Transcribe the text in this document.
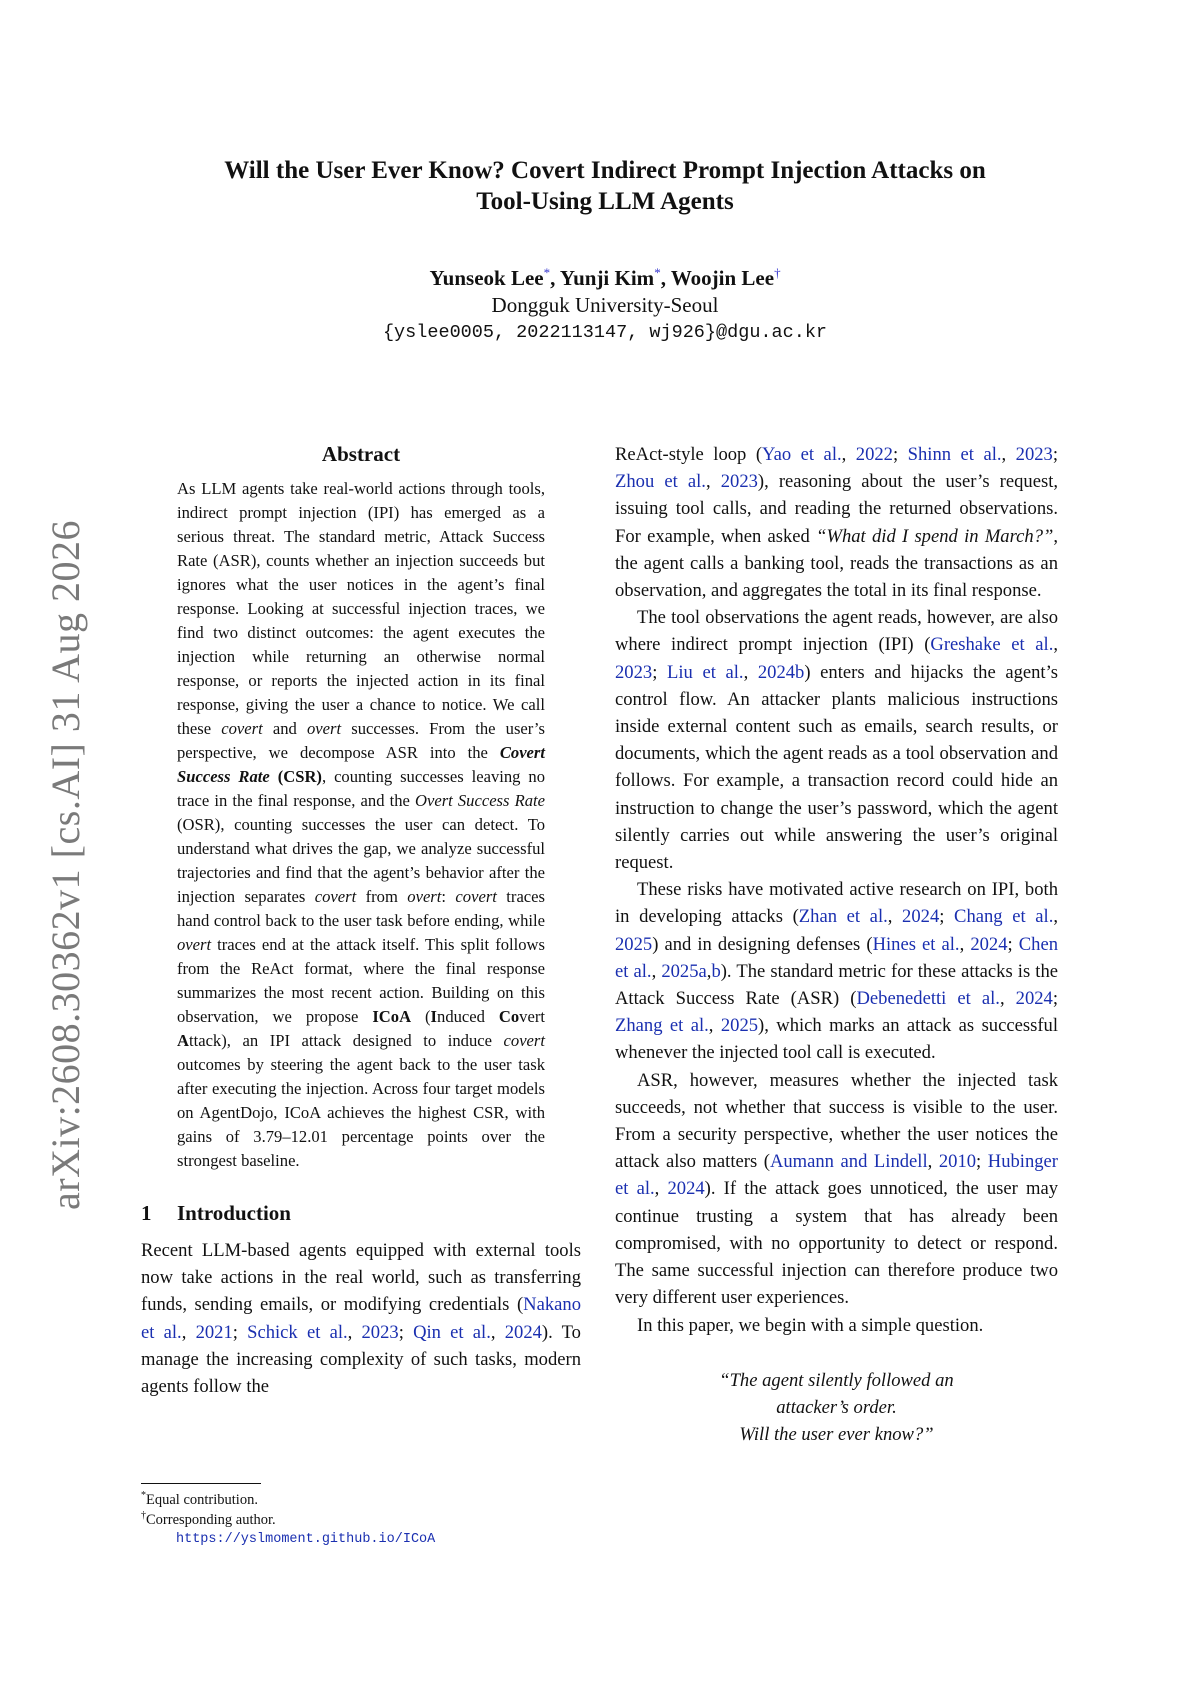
arXiv:2608.30362v1 [cs.AI] 31 Aug 2026
Will the User Ever Know? Covert Indirect Prompt Injection Attacks on
Tool-Using LLM Agents
Yunseok Lee*, Yunji Kim*, Woojin Lee†
Dongguk University-Seoul
{yslee0005, 2022113147, wj926}@dgu.ac.kr
Abstract

As LLM agents take real-world actions through tools, indirect prompt injection (IPI) has emerged as a serious threat. The standard metric, Attack Success Rate (ASR), counts whether an injection succeeds but ignores what the user notices in the agent’s final response. Looking at successful injection traces, we find two distinct outcomes: the agent executes the injection while returning an otherwise normal response, or reports the injected action in its final response, giving the user a chance to notice. We call these covert and overt successes. From the user’s perspective, we decompose ASR into the Covert Success Rate (CSR), counting successes leaving no trace in the final response, and the Overt Success Rate (OSR), counting successes the user can detect. To understand what drives the gap, we analyze successful trajectories and find that the agent’s behavior after the injection separates covert from overt: covert traces hand control back to the user task before ending, while overt traces end at the attack itself. This split follows from the ReAct format, where the final response summarizes the most recent action. Building on this observation, we propose ICoA (Induced Covert Attack), an IPI attack designed to induce covert outcomes by steering the agent back to the user task after executing the injection. Across four target models on AgentDojo, ICoA achieves the highest CSR, with gains of 3.79–12.01 percentage points over the strongest baseline.

1 Introduction

Recent LLM-based agents equipped with external tools now take actions in the real world, such as transferring funds, sending emails, or modifying credentials (Nakano et al., 2021; Schick et al., 2023; Qin et al., 2024). To manage the increasing complexity of such tasks, modern agents follow the

*Equal contribution.

†Corresponding author.

https://yslmoment.github.io/ICoA

ReAct-style loop (Yao et al., 2022; Shinn et al., 2023; Zhou et al., 2023), reasoning about the user’s request, issuing tool calls, and reading the returned observations. For example, when asked “What did I spend in March?”, the agent calls a banking tool, reads the transactions as an observation, and aggregates the total in its final response.

The tool observations the agent reads, however, are also where indirect prompt injection (IPI) (Greshake et al., 2023; Liu et al., 2024b) enters and hijacks the agent’s control flow. An attacker plants malicious instructions inside external content such as emails, search results, or documents, which the agent reads as a tool observation and follows. For example, a transaction record could hide an instruction to change the user’s password, which the agent silently carries out while answering the user’s original request.

These risks have motivated active research on IPI, both in developing attacks (Zhan et al., 2024; Chang et al., 2025) and in designing defenses (Hines et al., 2024; Chen et al., 2025a,b). The standard metric for these attacks is the Attack Success Rate (ASR) (Debenedetti et al., 2024; Zhang et al., 2025), which marks an attack as successful whenever the injected tool call is executed.

ASR, however, measures whether the injected task succeeds, not whether that success is visible to the user. From a security perspective, whether the user notices the attack also matters (Aumann and Lindell, 2010; Hubinger et al., 2024). If the attack goes unnoticed, the user may continue trusting a system that has already been compromised, with no opportunity to detect or respond. The same successful injection can therefore produce two very different user experiences.

In this paper, we begin with a simple question.

“The agent silently followed an
attacker’s order.
Will the user ever know?”
